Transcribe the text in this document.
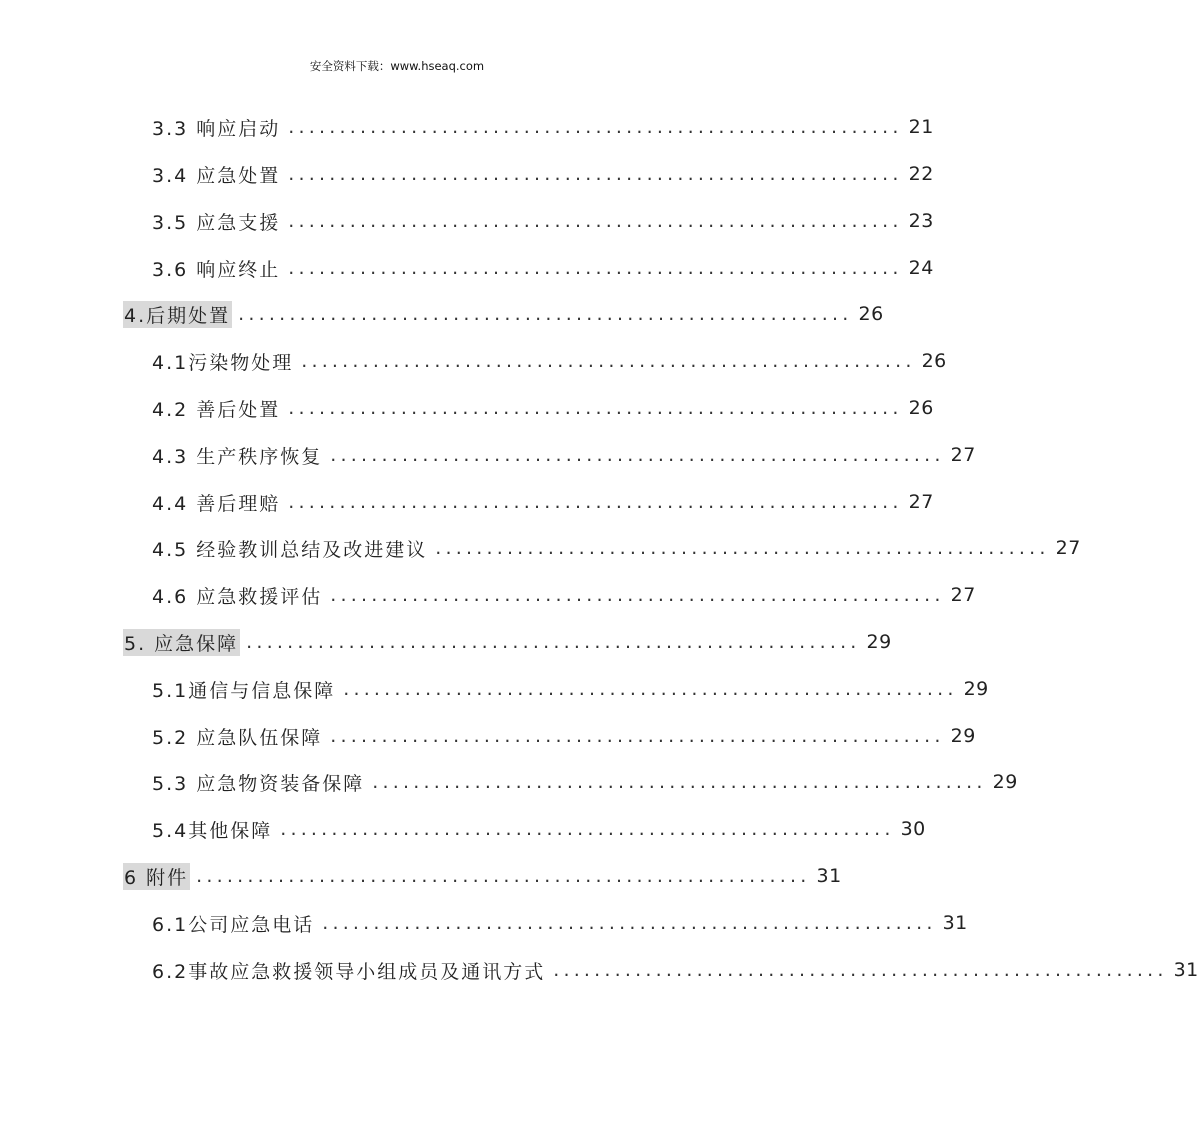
安全资料下载：www.hseaq.com
3.3 响应启动 ............................................................ 21
3.4 应急处置 ............................................................ 22
3.5 应急支援 ............................................................ 23
3.6 响应终止 ............................................................ 24
4.后期处置 ............................................................ 26
4.1污染物处理 ............................................................ 26
4.2 善后处置 ............................................................ 26
4.3 生产秩序恢复 ............................................................ 27
4.4 善后理赔 ............................................................ 27
4.5 经验教训总结及改进建议 ............................................................ 27
4.6 应急救援评估 ............................................................ 27
5. 应急保障 ............................................................ 29
5.1通信与信息保障 ............................................................ 29
5.2 应急队伍保障 ............................................................ 29
5.3 应急物资装备保障 ............................................................ 29
5.4其他保障 ............................................................ 30
6 附件 ............................................................ 31
6.1公司应急电话 ............................................................ 31
6.2事故应急救援领导小组成员及通讯方式 ............................................................ 31
